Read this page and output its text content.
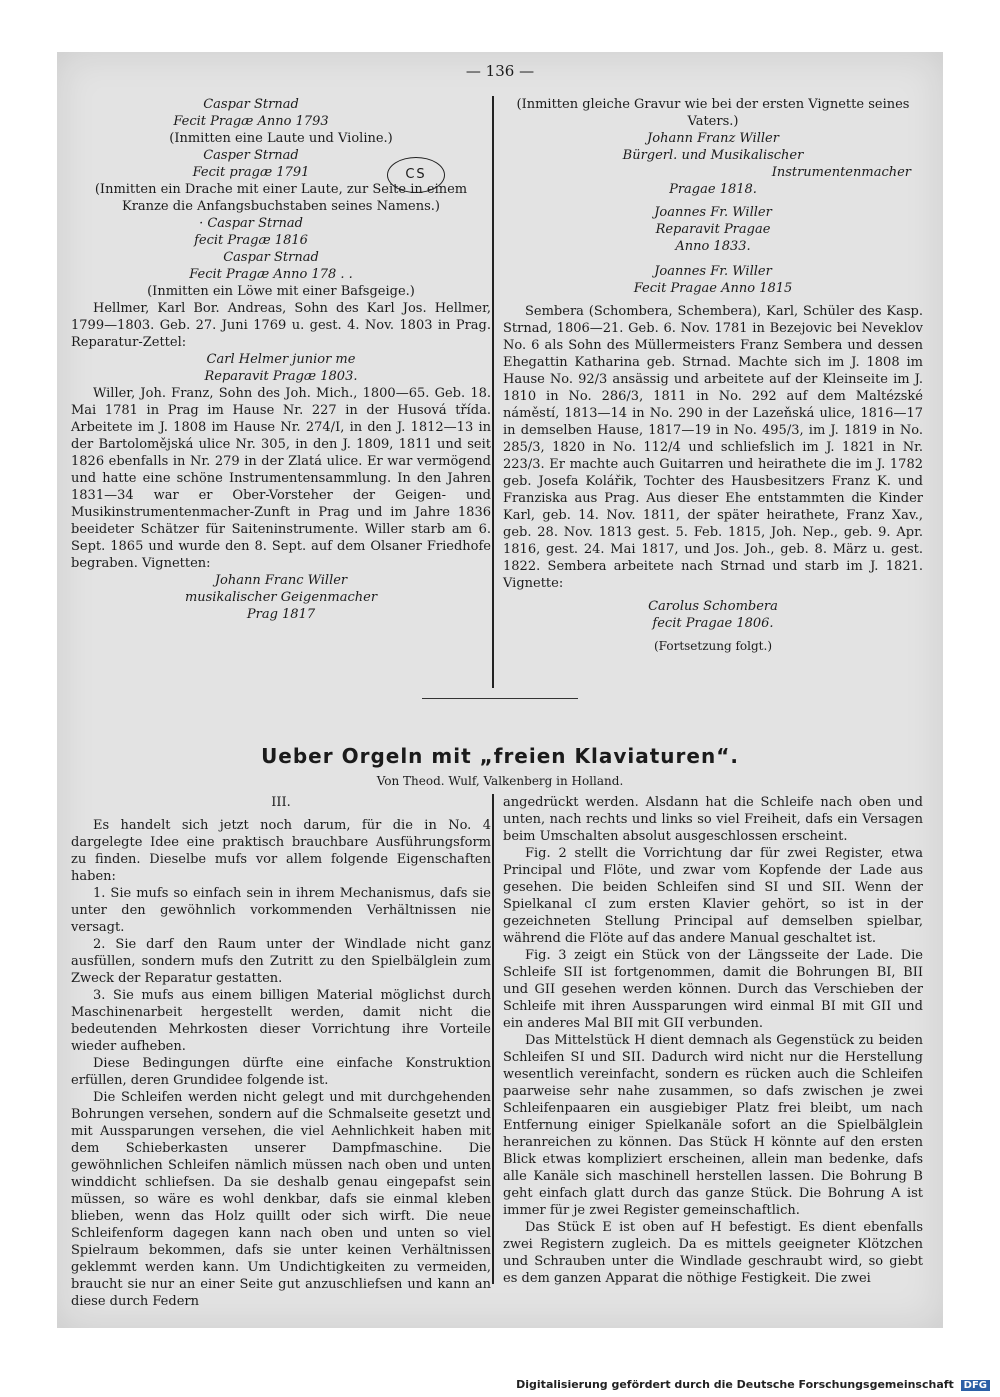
— 136 —
Caspar Strnad
Fecit Pragæ Anno 1793

(Inmitten eine Laute und Violine.)

Casper Strnad
Fecit pragæ 1791

(Inmitten ein Drache mit einer Laute, zur Seite in einem Kranze die Anfangsbuchstaben seines Namens.)

· Caspar Strnad
fecit Pragæ 1816
Caspar Strnad
Fecit Pragæ Anno 178 . .

(Inmitten ein Löwe mit einer Bafsgeige.)

Hellmer, Karl Bor. Andreas, Sohn des Karl Jos. Hellmer, 1799—1803. Geb. 27. Juni 1769 u. gest. 4. Nov. 1803 in Prag. Reparatur-Zettel:

Carl Helmer junior me
Reparavit Pragæ 1803.

Willer, Joh. Franz, Sohn des Joh. Mich., 1800—65. Geb. 18. Mai 1781 in Prag im Hause Nr. 227 in der Husová třída. Arbeitete im J. 1808 im Hause Nr. 274/I, in den J. 1812—13 in der Bartolomějská ulice Nr. 305, in den J. 1809, 1811 und seit 1826 ebenfalls in Nr. 279 in der Zlatá ulice. Er war vermögend und hatte eine schöne Instrumentensammlung. In den Jahren 1831—34 war er Ober-Vorsteher der Geigen- und Musikinstrumentenmacher-Zunft in Prag und im Jahre 1836 beeideter Schätzer für Saiteninstrumente. Willer starb am 6. Sept. 1865 und wurde den 8. Sept. auf dem Olsaner Friedhofe begraben. Vignetten:

Johann Franc Willer
musikalischer Geigenmacher
Prag 1817
CS

(Inmitten gleiche Gravur wie bei der ersten Vignette seines Vaters.)

Johann Franz Willer
Bürgerl. und Musikalischer
Instrumentenmacher
Pragae 1818.
Joannes Fr. Willer
Reparavit Pragae
Anno 1833.
Joannes Fr. Willer
Fecit Pragae Anno 1815

Sembera (Schombera, Schembera), Karl, Schüler des Kasp. Strnad, 1806—21. Geb. 6. Nov. 1781 in Bezejovic bei Neveklov No. 6 als Sohn des Müllermeisters Franz Sembera und dessen Ehegattin Katharina geb. Strnad. Machte sich im J. 1808 im Hause No. 92/3 ansässig und arbeitete auf der Kleinseite im J. 1810 in No. 286/3, 1811 in No. 292 auf dem Maltézské náměstí, 1813—14 in No. 290 in der Lazeňská ulice, 1816—17 in demselben Hause, 1817—19 in No. 495/3, im J. 1819 in No. 285/3, 1820 in No. 112/4 und schliefslich im J. 1821 in Nr. 223/3. Er machte auch Guitarren und heirathete die im J. 1782 geb. Josefa Kolářik, Tochter des Hausbesitzers Franz K. und Franziska aus Prag. Aus dieser Ehe entstammten die Kinder Karl, geb. 14. Nov. 1811, der später heirathete, Franz Xav., geb. 28. Nov. 1813 gest. 5. Feb. 1815, Joh. Nep., geb. 9. Apr. 1816, gest. 24. Mai 1817, und Jos. Joh., geb. 8. März u. gest. 1822. Sembera arbeitete nach Strnad und starb im J. 1821. Vignette:

Carolus Schombera
fecit Pragae 1806.

(Fortsetzung folgt.)

Ueber Orgeln mit „freien Klaviaturen“.
Von Theod. Wulf, Valkenberg in Holland.

III.

Es handelt sich jetzt noch darum, für die in No. 4 dargelegte Idee eine praktisch brauchbare Ausführungsform zu finden. Dieselbe mufs vor allem folgende Eigenschaften haben:

1. Sie mufs so einfach sein in ihrem Mechanismus, dafs sie unter den gewöhnlich vorkommenden Verhältnissen nie versagt.

2. Sie darf den Raum unter der Windlade nicht ganz ausfüllen, sondern mufs den Zutritt zu den Spielbälglein zum Zweck der Reparatur gestatten.

3. Sie mufs aus einem billigen Material möglichst durch Maschinenarbeit hergestellt werden, damit nicht die bedeutenden Mehrkosten dieser Vorrichtung ihre Vorteile wieder aufheben.

Diese Bedingungen dürfte eine einfache Konstruktion erfüllen, deren Grundidee folgende ist.

Die Schleifen werden nicht gelegt und mit durchgehenden Bohrungen versehen, sondern auf die Schmalseite gesetzt und mit Aussparungen versehen, die viel Aehnlichkeit haben mit dem Schieberkasten unserer Dampfmaschine. Die gewöhnlichen Schleifen nämlich müssen nach oben und unten winddicht schliefsen. Da sie deshalb genau eingepafst sein müssen, so wäre es wohl denkbar, dafs sie einmal kleben blieben, wenn das Holz quillt oder sich wirft. Die neue Schleifenform dagegen kann nach oben und unten so viel Spielraum bekommen, dafs sie unter keinen Verhältnissen geklemmt werden kann. Um Undichtigkeiten zu vermeiden, braucht sie nur an einer Seite gut anzuschliefsen und kann an diese durch Federn

angedrückt werden. Alsdann hat die Schleife nach oben und unten, nach rechts und links so viel Freiheit, dafs ein Versagen beim Umschalten absolut ausgeschlossen erscheint.

Fig. 2 stellt die Vorrichtung dar für zwei Register, etwa Principal und Flöte, und zwar vom Kopfende der Lade aus gesehen. Die beiden Schleifen sind SI und SII. Wenn der Spielkanal cI zum ersten Klavier gehört, so ist in der gezeichneten Stellung Principal auf demselben spielbar, während die Flöte auf das andere Manual geschaltet ist.

Fig. 3 zeigt ein Stück von der Längsseite der Lade. Die Schleife SII ist fortgenommen, damit die Bohrungen BI, BII und GII gesehen werden können. Durch das Verschieben der Schleife mit ihren Aussparungen wird einmal BI mit GII und ein anderes Mal BII mit GII verbunden.

Das Mittelstück H dient demnach als Gegenstück zu beiden Schleifen SI und SII. Dadurch wird nicht nur die Herstellung wesentlich vereinfacht, sondern es rücken auch die Schleifen paarweise sehr nahe zusammen, so dafs zwischen je zwei Schleifenpaaren ein ausgiebiger Platz frei bleibt, um nach Entfernung einiger Spielkanäle sofort an die Spielbälglein heranreichen zu können. Das Stück H könnte auf den ersten Blick etwas kompliziert erscheinen, allein man bedenke, dafs alle Kanäle sich maschinell herstellen lassen. Die Bohrung B geht einfach glatt durch das ganze Stück. Die Bohrung A ist immer für je zwei Register gemeinschaftlich.

Das Stück E ist oben auf H befestigt. Es dient ebenfalls zwei Registern zugleich. Da es mittels geeigneter Klötzchen und Schrauben unter die Windlade geschraubt wird, so giebt es dem ganzen Apparat die nöthige Festigkeit. Die zwei

Digitalisierung gefördert durch die Deutsche Forschungsgemeinschaft DFG
